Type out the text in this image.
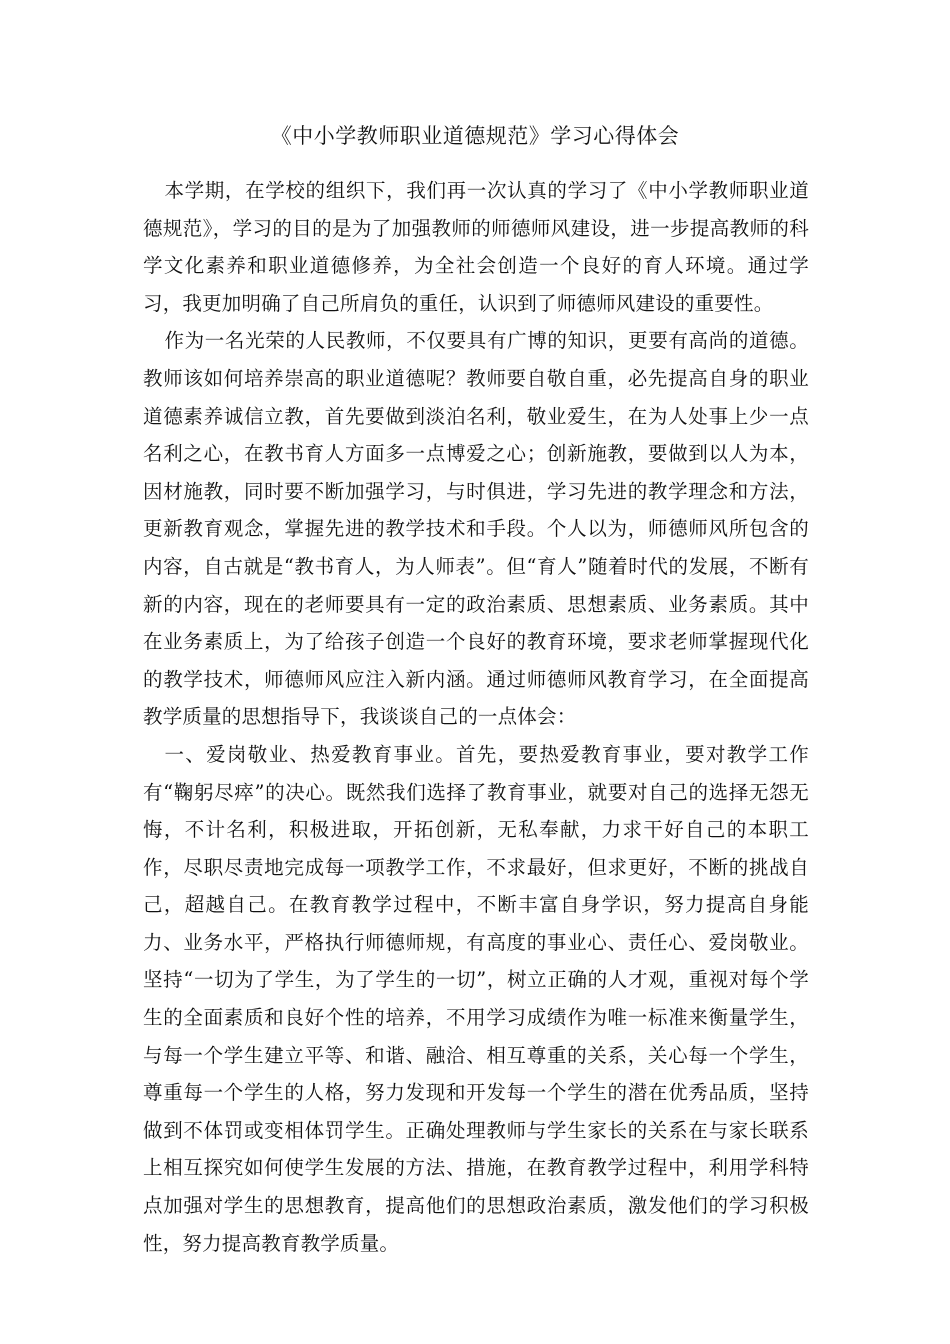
《中小学教师职业道德规范》学习心得体会

本学期，在学校的组织下，我们再一次认真的学习了《中小学教师职业道德规范》，学习的目的是为了加强教师的师德师风建设，进一步提高教师的科学文化素养和职业道德修养，为全社会创造一个良好的育人环境。通过学习，我更加明确了自己所肩负的重任，认识到了师德师风建设的重要性。

作为一名光荣的人民教师，不仅要具有广博的知识，更要有高尚的道德。教师该如何培养崇高的职业道德呢？教师要自敬自重，必先提高自身的职业道德素养诚信立教，首先要做到淡泊名利，敬业爱生，在为人处事上少一点名利之心，在教书育人方面多一点博爱之心；创新施教，要做到以人为本，因材施教，同时要不断加强学习，与时俱进，学习先进的教学理念和方法，更新教育观念，掌握先进的教学技术和手段。个人以为，师德师风所包含的内容，自古就是“教书育人，为人师表”。但“育人”随着时代的发展，不断有新的内容，现在的老师要具有一定的政治素质、思想素质、业务素质。其中在业务素质上，为了给孩子创造一个良好的教育环境，要求老师掌握现代化的教学技术，师德师风应注入新内涵。通过师德师风教育学习，在全面提高教学质量的思想指导下，我谈谈自己的一点体会：

一、爱岗敬业、热爱教育事业。首先，要热爱教育事业，要对教学工作有“鞠躬尽瘁”的决心。既然我们选择了教育事业，就要对自己的选择无怨无悔，不计名利，积极进取，开拓创新，无私奉献，力求干好自己的本职工作，尽职尽责地完成每一项教学工作，不求最好，但求更好，不断的挑战自己，超越自己。在教育教学过程中，不断丰富自身学识，努力提高自身能力、业务水平，严格执行师德师规，有高度的事业心、责任心、爱岗敬业。坚持“一切为了学生，为了学生的一切”，树立正确的人才观，重视对每个学生的全面素质和良好个性的培养，不用学习成绩作为唯一标准来衡量学生，与每一个学生建立平等、和谐、融洽、相互尊重的关系，关心每一个学生，尊重每一个学生的人格，努力发现和开发每一个学生的潜在优秀品质，坚持做到不体罚或变相体罚学生。正确处理教师与学生家长的关系在与家长联系上相互探究如何使学生发展的方法、措施，在教育教学过程中，利用学科特点加强对学生的思想教育，提高他们的思想政治素质，激发他们的学习积极性，努力提高教育教学质量。
